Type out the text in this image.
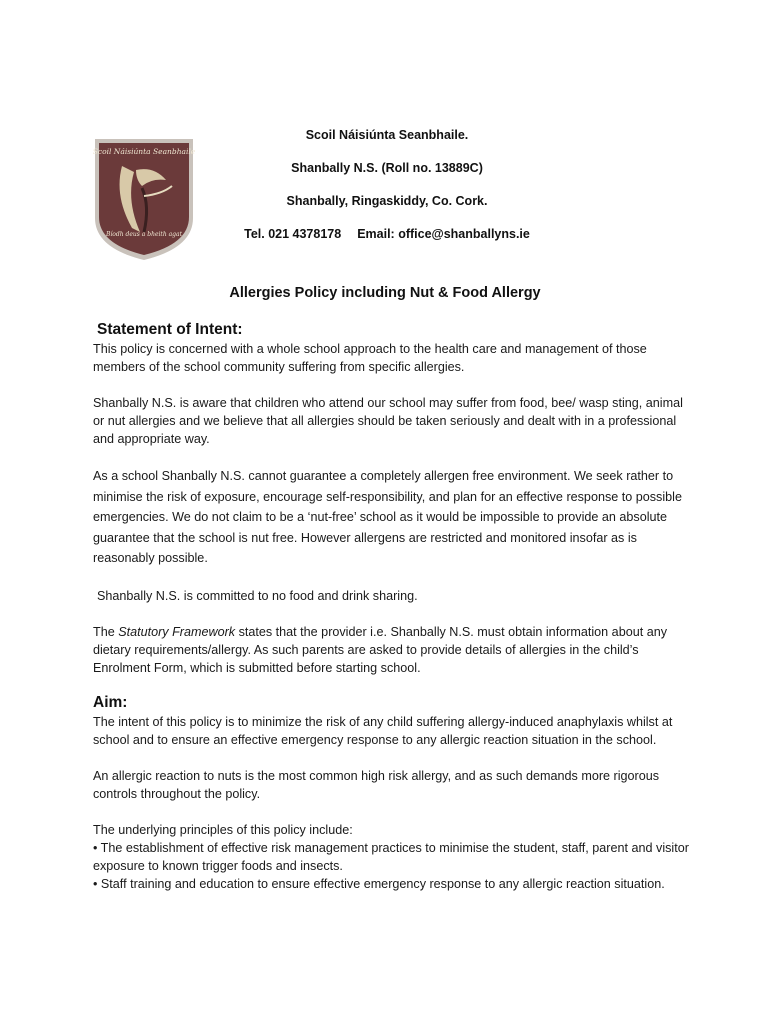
Scoil Náisiúnta Seanbhaile
Bíodh deus a bheith agat
Scoil Náisiúnta Seanbhaile.
Shanbally N.S. (Roll no. 13889C)
Shanbally, Ringaskiddy, Co. Cork.
Tel. 021 4378178 Email: office@shanballyns.ie
Allergies Policy including Nut & Food Allergy
Statement of Intent:

This policy is concerned with a whole school approach to the health care and management of those members of the school community suffering from specific allergies.

Shanbally N.S. is aware that children who attend our school may suffer from food, bee/ wasp sting, animal or nut allergies and we believe that all allergies should be taken seriously and dealt with in a professional and appropriate way.

As a school Shanbally N.S. cannot guarantee a completely allergen free environment. We seek rather to minimise the risk of exposure, encourage self-responsibility, and plan for an effective response to possible emergencies. We do not claim to be a ‘nut-free’ school as it would be impossible to provide an absolute guarantee that the school is nut free. However allergens are restricted and monitored insofar as is reasonably possible.

Shanbally N.S. is committed to no food and drink sharing.

The Statutory Framework states that the provider i.e. Shanbally N.S. must obtain information about any dietary requirements/allergy. As such parents are asked to provide details of allergies in the child’s Enrolment Form, which is submitted before starting school.

Aim:

The intent of this policy is to minimize the risk of any child suffering allergy-induced anaphylaxis whilst at school and to ensure an effective emergency response to any allergic reaction situation in the school.

An allergic reaction to nuts is the most common high risk allergy, and as such demands more rigorous controls throughout the policy.

The underlying principles of this policy include:

• The establishment of effective risk management practices to minimise the student, staff, parent and visitor exposure to known trigger foods and insects.

• Staff training and education to ensure effective emergency response to any allergic reaction situation.
